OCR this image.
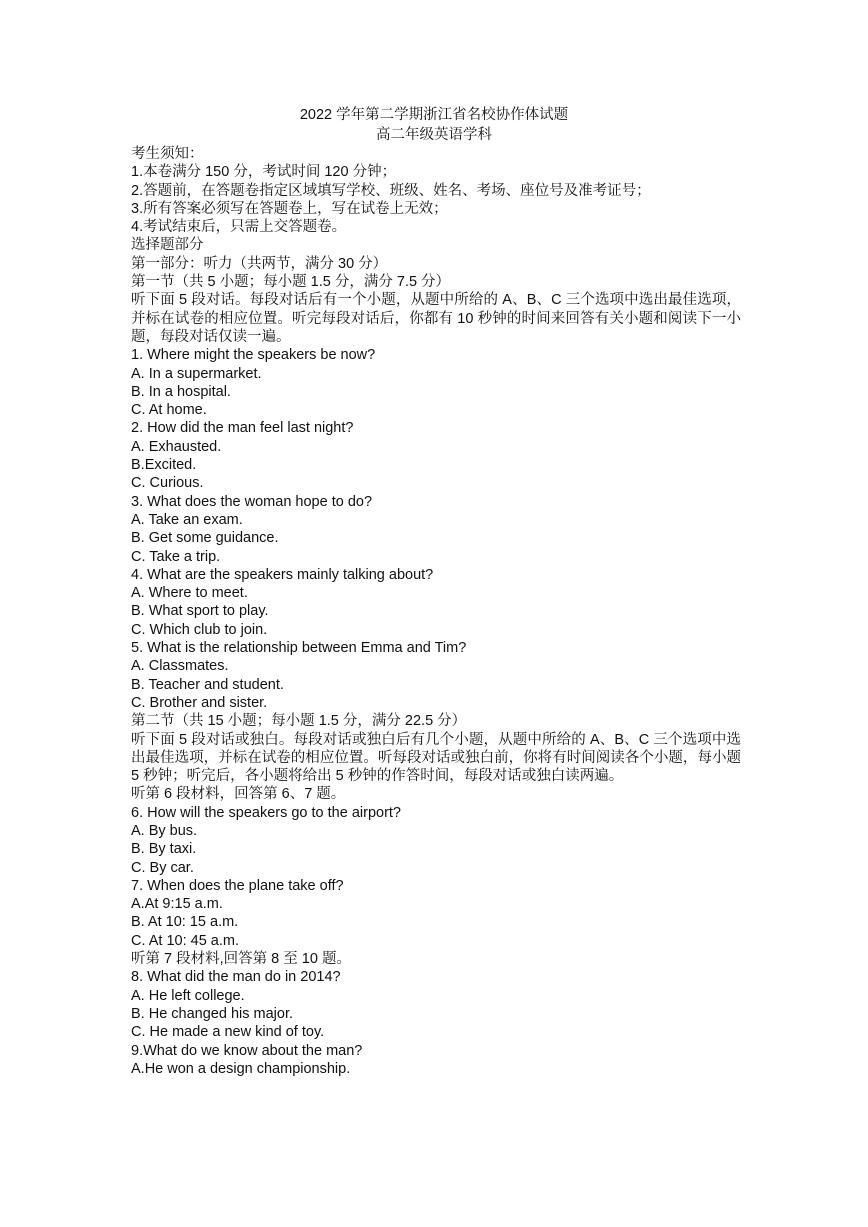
2022 学年第二学期浙江省名校协作体试题
高二年级英语学科
考生须知：
1.本卷满分 150 分，考试时间 120 分钟；
2.答题前，在答题卷指定区域填写学校、班级、姓名、考场、座位号及准考证号；
3.所有答案必须写在答题卷上，写在试卷上无效；
4.考试结束后，只需上交答题卷。
选择题部分
第一部分：听力（共两节，满分 30 分）
第一节（共 5 小题；每小题 1.5 分，满分 7.5 分）
听下面 5 段对话。每段对话后有一个小题，从题中所给的 A、B、C 三个选项中选出最佳选项，并标在试卷的相应位置。听完每段对话后，你都有 10 秒钟的时间来回答有关小题和阅读下一小题，每段对话仅读一遍。
1. Where might the speakers be now?
A. In a supermarket.
B. In a hospital.
C. At home.
2. How did the man feel last night?
A. Exhausted.
B.Excited.
C. Curious.
3. What does the woman hope to do?
A. Take an exam.
B. Get some guidance.
C. Take a trip.
4. What are the speakers mainly talking about?
A. Where to meet.
B. What sport to play.
C. Which club to join.
5. What is the relationship between Emma and Tim?
A. Classmates.
B. Teacher and student.
C. Brother and sister.
第二节（共 15 小题；每小题 1.5 分，满分 22.5 分）
听下面 5 段对话或独白。每段对话或独白后有几个小题，从题中所给的 A、B、C 三个选项中选出最佳选项，并标在试卷的相应位置。听每段对话或独白前，你将有时间阅读各个小题，每小题 5 秒钟；听完后，各小题将给出 5 秒钟的作答时间，每段对话或独白读两遍。
听第 6 段材料，回答第 6、7 题。
6. How will the speakers go to the airport?
A. By bus.
B. By taxi.
C. By car.
7. When does the plane take off?
A.At 9:15 a.m.
B. At 10: 15 a.m.
C. At 10: 45 a.m.
听第 7 段材料,回答第 8 至 10 题。
8. What did the man do in 2014?
A. He left college.
B. He changed his major.
C. He made a new kind of toy.
9.What do we know about the man?
A.He won a design championship.
